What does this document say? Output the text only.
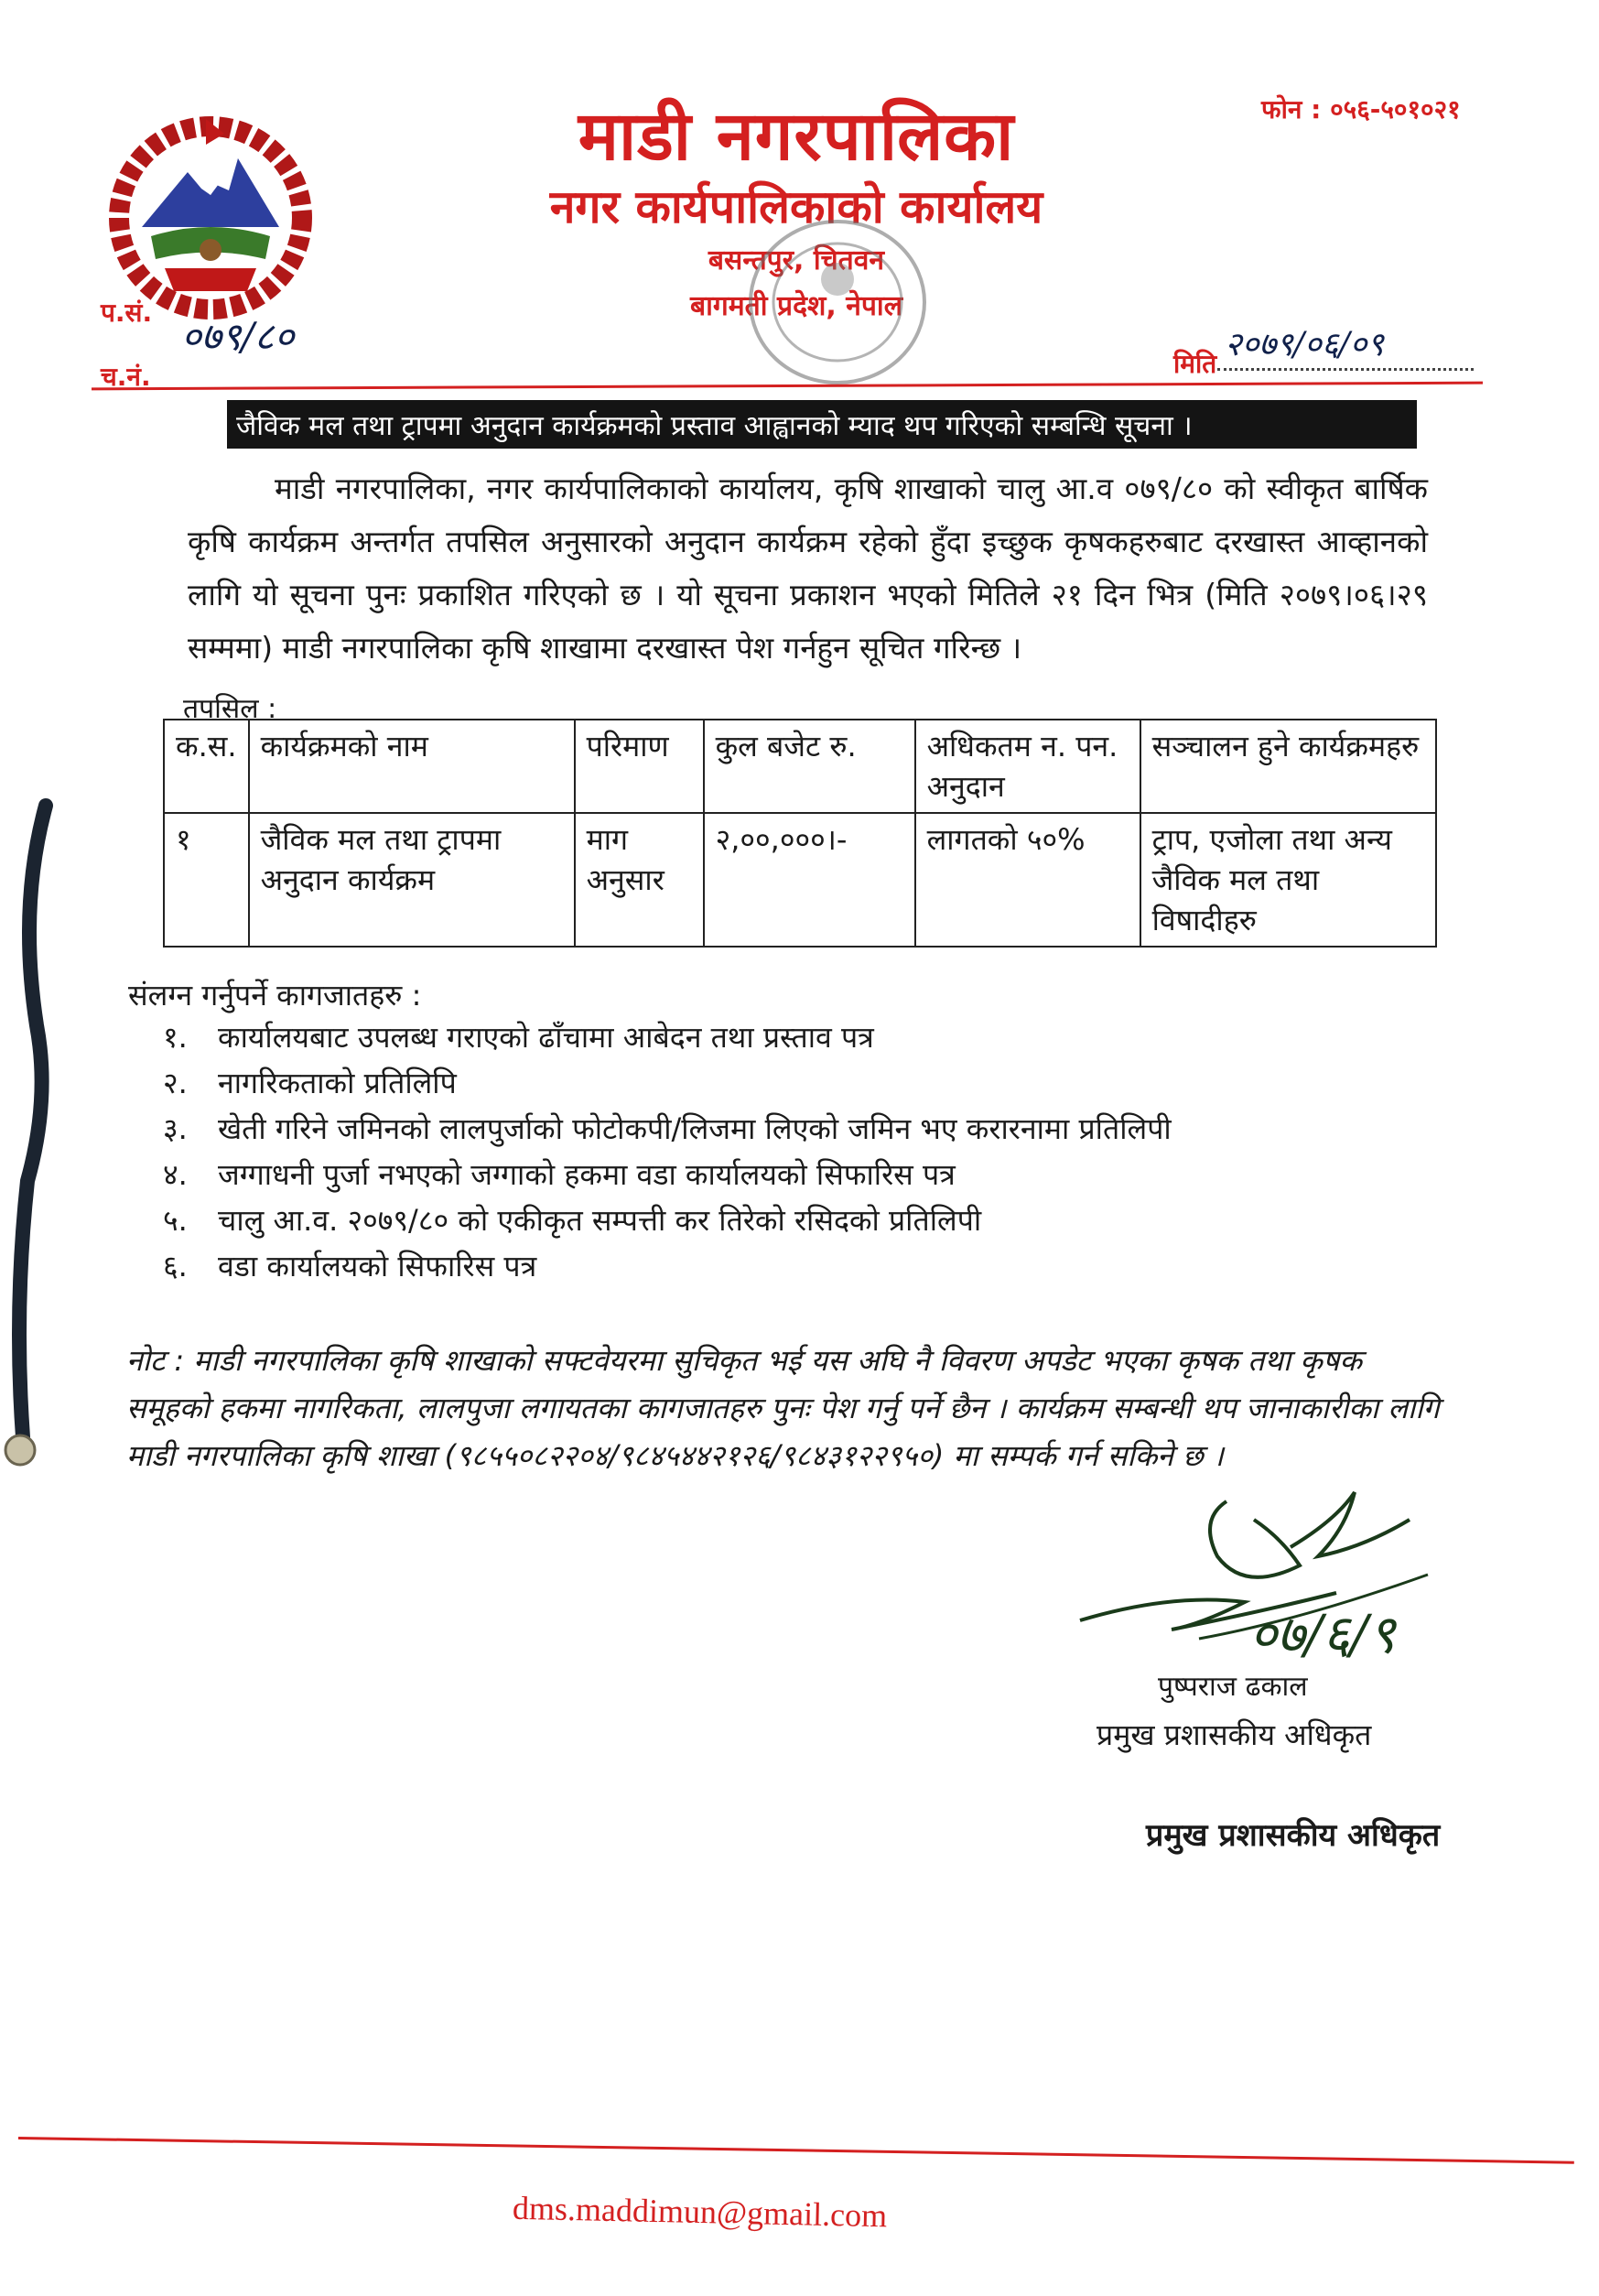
माडी नगरपालिका
नगर कार्यपालिकाको कार्यालय
बसन्तपुर, चितवन
बागमती प्रदेश, नेपाल
फोन : ०५६-५०१०२१
प.सं.
०७९/८०
च.नं.
२०७९/०६/०९
मिति
जैविक मल तथा ट्रापमा अनुदान कार्यक्रमको प्रस्ताव आह्वानको म्याद थप गरिएको सम्बन्धि सूचना ।
माडी नगरपालिका, नगर कार्यपालिकाको कार्यालय, कृषि शाखाको चालु आ.व ०७९/८० को स्वीकृत बार्षिक कृषि कार्यक्रम अन्तर्गत तपसिल अनुसारको अनुदान कार्यक्रम रहेको हुँदा इच्छुक कृषकहरुबाट दरखास्त आव्हानको लागि यो सूचना पुनः प्रकाशित गरिएको छ । यो सूचना प्रकाशन भएको मितिले २१ दिन भित्र (मिति २०७९।०६।२९ सम्ममा) माडी नगरपालिका कृषि शाखामा दरखास्त पेश गर्नहुन सूचित गरिन्छ ।
तपसिल :
क.स.	कार्यक्रमको नाम	परिमाण	कुल बजेट रु.	अधिकतम न. पन. अनुदान	सञ्चालन हुने कार्यक्रमहरु
१	जैविक मल तथा ट्रापमा अनुदान कार्यक्रम	माग अनुसार	२,००,०००।-	लागतको ५०%	ट्राप, एजोला तथा अन्य जैविक मल तथा विषादीहरु
संलग्न गर्नुपर्ने कागजातहरु :
१. कार्यालयबाट उपलब्ध गराएको ढाँचामा आबेदन तथा प्रस्ताव पत्र
२. नागरिकताको प्रतिलिपि
३. खेती गरिने जमिनको लालपुर्जाको फोटोकपी/लिजमा लिएको जमिन भए करारनामा प्रतिलिपी
४. जग्गाधनी पुर्जा नभएको जग्गाको हकमा वडा कार्यालयको सिफारिस पत्र
५. चालु आ.व. २०७९/८० को एकीकृत सम्पत्ती कर तिरेको रसिदको प्रतिलिपी
६. वडा कार्यालयको सिफारिस पत्र
नोट : माडी नगरपालिका कृषि शाखाको सफ्टवेयरमा सुचिकृत भई यस अघि नै विवरण अपडेट भएका कृषक तथा कृषक समूहको हकमा नागरिकता, लालपुजा लगायतका कागजातहरु पुनः पेश गर्नु पर्ने छैन । कार्यक्रम सम्बन्धी थप जानाकारीका लागि माडी नगरपालिका कृषि शाखा (९८५५०८२२०४/९८४५४४२१२६/९८४३१२२९५०) मा सम्पर्क गर्न सकिने छ ।
०७/६/९
पुष्पराज ढकाल
प्रमुख प्रशासकीय अधिकृत
प्रमुख प्रशासकीय अधिकृत
dms.maddimun@gmail.com
